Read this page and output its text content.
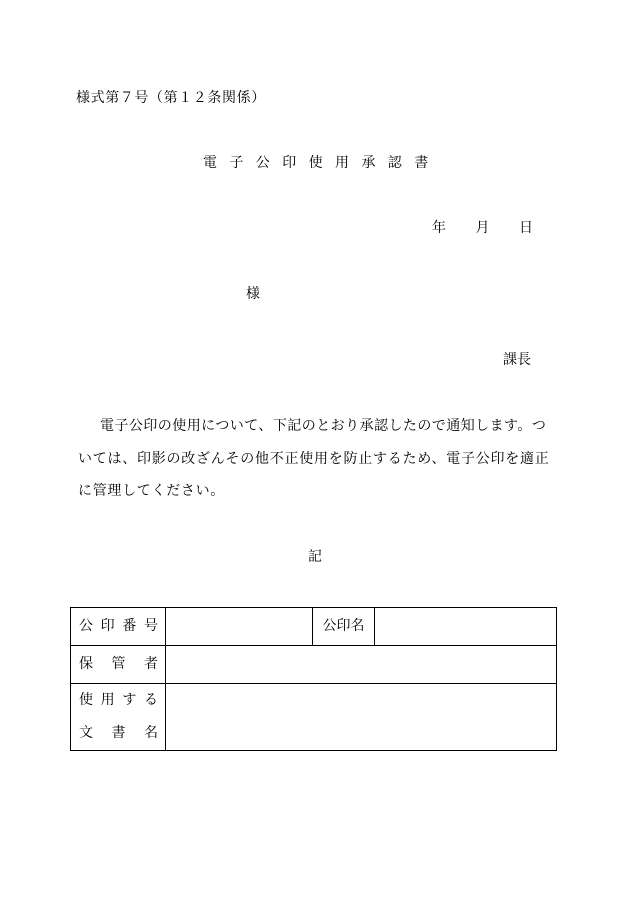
様式第７号（第１２条関係）
電子公印使用承認書
年　　月　　日
様
課長
電子公印の使用について、下記のとおり承認したので通知します。つ
いては、印影の改ざんその他不正使用を防止するため、電子公印を適正
に管理してください。
記
公印番号		公印名	

保管者			

使用する
文書名			
